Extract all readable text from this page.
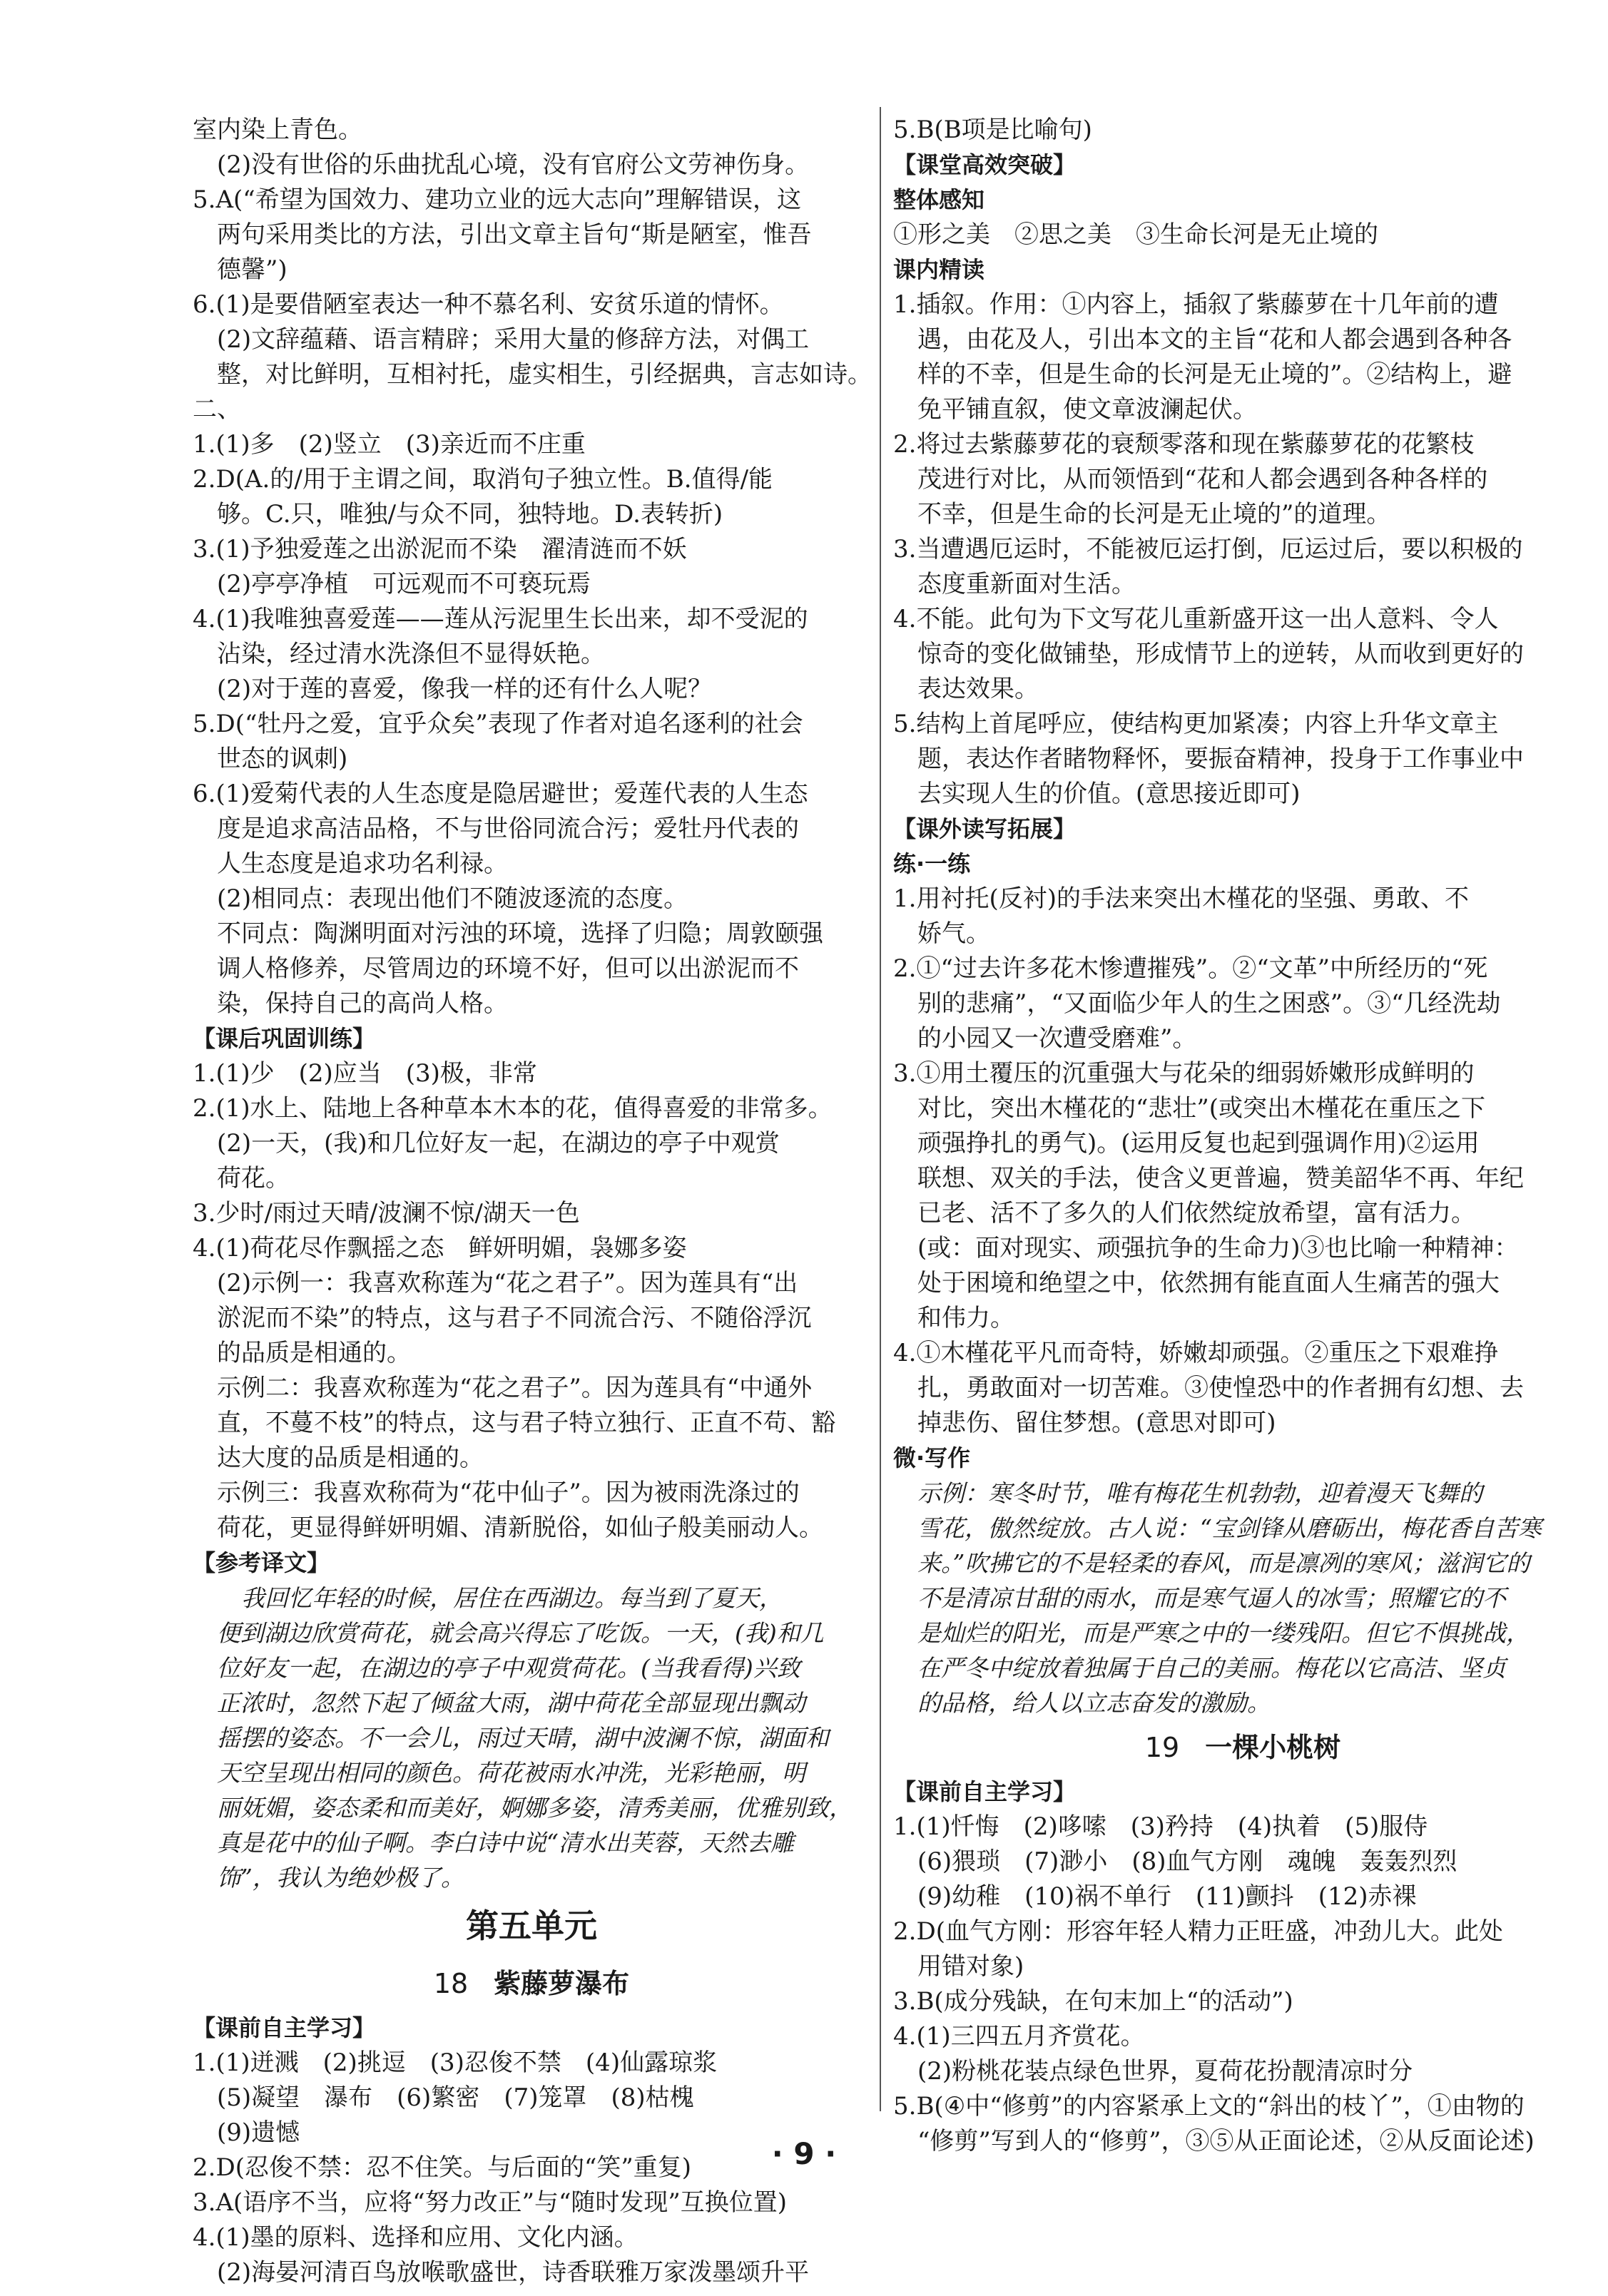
室内染上青色。
(2)没有世俗的乐曲扰乱心境，没有官府公文劳神伤身。
5.A(“希望为国效力、建功立业的远大志向”理解错误，这
两句采用类比的方法，引出文章主旨句“斯是陋室，惟吾
德馨”)
6.(1)是要借陋室表达一种不慕名利、安贫乐道的情怀。
(2)文辞蕴藉、语言精辟；采用大量的修辞方法，对偶工
整，对比鲜明，互相衬托，虚实相生，引经据典，言志如诗。
二、
1.(1)多　(2)竖立　(3)亲近而不庄重
2.D(A.的/用于主谓之间，取消句子独立性。B.值得/能
够。C.只，唯独/与众不同，独特地。D.表转折)
3.(1)予独爱莲之出淤泥而不染　濯清涟而不妖
(2)亭亭净植　可远观而不可亵玩焉
4.(1)我唯独喜爱莲——莲从污泥里生长出来，却不受泥的
沾染，经过清水洗涤但不显得妖艳。
(2)对于莲的喜爱，像我一样的还有什么人呢？
5.D(“牡丹之爱，宜乎众矣”表现了作者对追名逐利的社会
世态的讽刺)
6.(1)爱菊代表的人生态度是隐居避世；爱莲代表的人生态
度是追求高洁品格，不与世俗同流合污；爱牡丹代表的
人生态度是追求功名利禄。
(2)相同点：表现出他们不随波逐流的态度。
不同点：陶渊明面对污浊的环境，选择了归隐；周敦颐强
调人格修养，尽管周边的环境不好，但可以出淤泥而不
染，保持自己的高尚人格。
【课后巩固训练】
1.(1)少　(2)应当　(3)极，非常
2.(1)水上、陆地上各种草本木本的花，值得喜爱的非常多。
(2)一天，(我)和几位好友一起，在湖边的亭子中观赏
荷花。
3.少时/雨过天晴/波澜不惊/湖天一色
4.(1)荷花尽作飘摇之态　鲜妍明媚，袅娜多姿
(2)示例一：我喜欢称莲为“花之君子”。因为莲具有“出
淤泥而不染”的特点，这与君子不同流合污、不随俗浮沉
的品质是相通的。
示例二：我喜欢称莲为“花之君子”。因为莲具有“中通外
直，不蔓不枝”的特点，这与君子特立独行、正直不苟、豁
达大度的品质是相通的。
示例三：我喜欢称荷为“花中仙子”。因为被雨洗涤过的
荷花，更显得鲜妍明媚、清新脱俗，如仙子般美丽动人。
【参考译文】
我回忆年轻的时候，居住在西湖边。每当到了夏天，
便到湖边欣赏荷花，就会高兴得忘了吃饭。一天，(我)和几
位好友一起，在湖边的亭子中观赏荷花。(当我看得)兴致
正浓时，忽然下起了倾盆大雨，湖中荷花全部显现出飘动
摇摆的姿态。不一会儿，雨过天晴，湖中波澜不惊，湖面和
天空呈现出相同的颜色。荷花被雨水冲洗，光彩艳丽，明
丽妩媚，姿态柔和而美好，婀娜多姿，清秀美丽，优雅别致，
真是花中的仙子啊。李白诗中说“清水出芙蓉，天然去雕
饰”，我认为绝妙极了。
第五单元
18 紫藤萝瀑布
【课前自主学习】
1.(1)迸溅　(2)挑逗　(3)忍俊不禁　(4)仙露琼浆
(5)凝望　瀑布　(6)繁密　(7)笼罩　(8)枯槐
(9)遗憾
2.D(忍俊不禁：忍不住笑。与后面的“笑”重复)
3.A(语序不当，应将“努力改正”与“随时发现”互换位置)
4.(1)墨的原料、选择和应用、文化内涵。
(2)海晏河清百鸟放喉歌盛世，诗香联雅万家泼墨颂升平
5.B(B项是比喻句)
【课堂高效突破】
整体感知
①形之美　②思之美　③生命长河是无止境的
课内精读
1.插叙。作用：①内容上，插叙了紫藤萝在十几年前的遭
遇，由花及人，引出本文的主旨“花和人都会遇到各种各
样的不幸，但是生命的长河是无止境的”。②结构上，避
免平铺直叙，使文章波澜起伏。
2.将过去紫藤萝花的衰颓零落和现在紫藤萝花的花繁枝
茂进行对比，从而领悟到“花和人都会遇到各种各样的
不幸，但是生命的长河是无止境的”的道理。
3.当遭遇厄运时，不能被厄运打倒，厄运过后，要以积极的
态度重新面对生活。
4.不能。此句为下文写花儿重新盛开这一出人意料、令人
惊奇的变化做铺垫，形成情节上的逆转，从而收到更好的
表达效果。
5.结构上首尾呼应，使结构更加紧凑；内容上升华文章主
题，表达作者睹物释怀，要振奋精神，投身于工作事业中
去实现人生的价值。(意思接近即可)
【课外读写拓展】
练·一练
1.用衬托(反衬)的手法来突出木槿花的坚强、勇敢、不
娇气。
2.①“过去许多花木惨遭摧残”。②“文革”中所经历的“死
别的悲痛”，“又面临少年人的生之困惑”。③“几经洗劫
的小园又一次遭受磨难”。
3.①用土覆压的沉重强大与花朵的细弱娇嫩形成鲜明的
对比，突出木槿花的“悲壮”(或突出木槿花在重压之下
顽强挣扎的勇气)。(运用反复也起到强调作用)②运用
联想、双关的手法，使含义更普遍，赞美韶华不再、年纪
已老、活不了多久的人们依然绽放希望，富有活力。
(或：面对现实、顽强抗争的生命力)③也比喻一种精神：
处于困境和绝望之中，依然拥有能直面人生痛苦的强大
和伟力。
4.①木槿花平凡而奇特，娇嫩却顽强。②重压之下艰难挣
扎，勇敢面对一切苦难。③使惶恐中的作者拥有幻想、去
掉悲伤、留住梦想。(意思对即可)
微·写作
示例：寒冬时节，唯有梅花生机勃勃，迎着漫天飞舞的
雪花，傲然绽放。古人说：“宝剑锋从磨砺出，梅花香自苦寒
来。”吹拂它的不是轻柔的春风，而是凛冽的寒风；滋润它的
不是清凉甘甜的雨水，而是寒气逼人的冰雪；照耀它的不
是灿烂的阳光，而是严寒之中的一缕残阳。但它不惧挑战，
在严冬中绽放着独属于自己的美丽。梅花以它高洁、坚贞
的品格，给人以立志奋发的激励。
19 一棵小桃树
【课前自主学习】
1.(1)忏悔　(2)哆嗦　(3)矜持　(4)执着　(5)服侍
(6)猥琐　(7)渺小　(8)血气方刚　魂魄　轰轰烈烈
(9)幼稚　(10)祸不单行　(11)颤抖　(12)赤裸
2.D(血气方刚：形容年轻人精力正旺盛，冲劲儿大。此处
用错对象)
3.B(成分残缺，在句末加上“的活动”)
4.(1)三四五月齐赏花。
(2)粉桃花装点绿色世界，夏荷花扮靓清凉时分
5.B(④中“修剪”的内容紧承上文的“斜出的枝丫”，①由物的
“修剪”写到人的“修剪”，③⑤从正面论述，②从反面论述)
· 9 ·
